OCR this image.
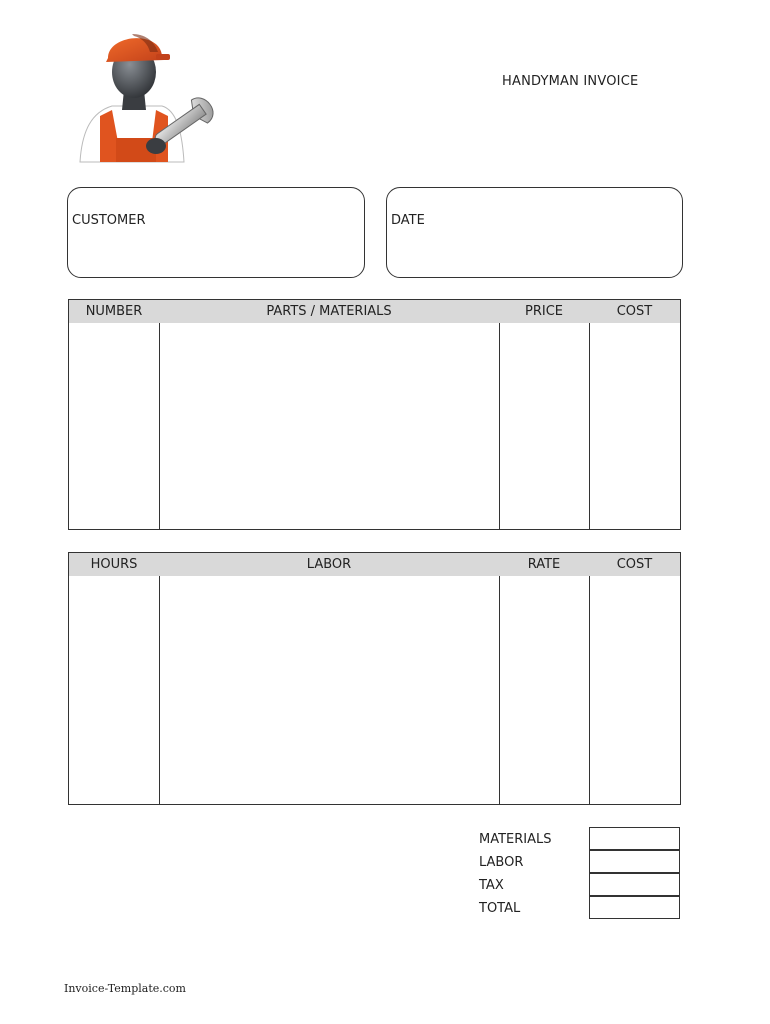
HANDYMAN INVOICE
CUSTOMER	DATE
NUMBER	PARTS / MATERIALS	PRICE	COST
HOURS	LABOR	RATE	COST
MATERIALS
LABOR
TAX
TOTAL
Invoice-Template.com
